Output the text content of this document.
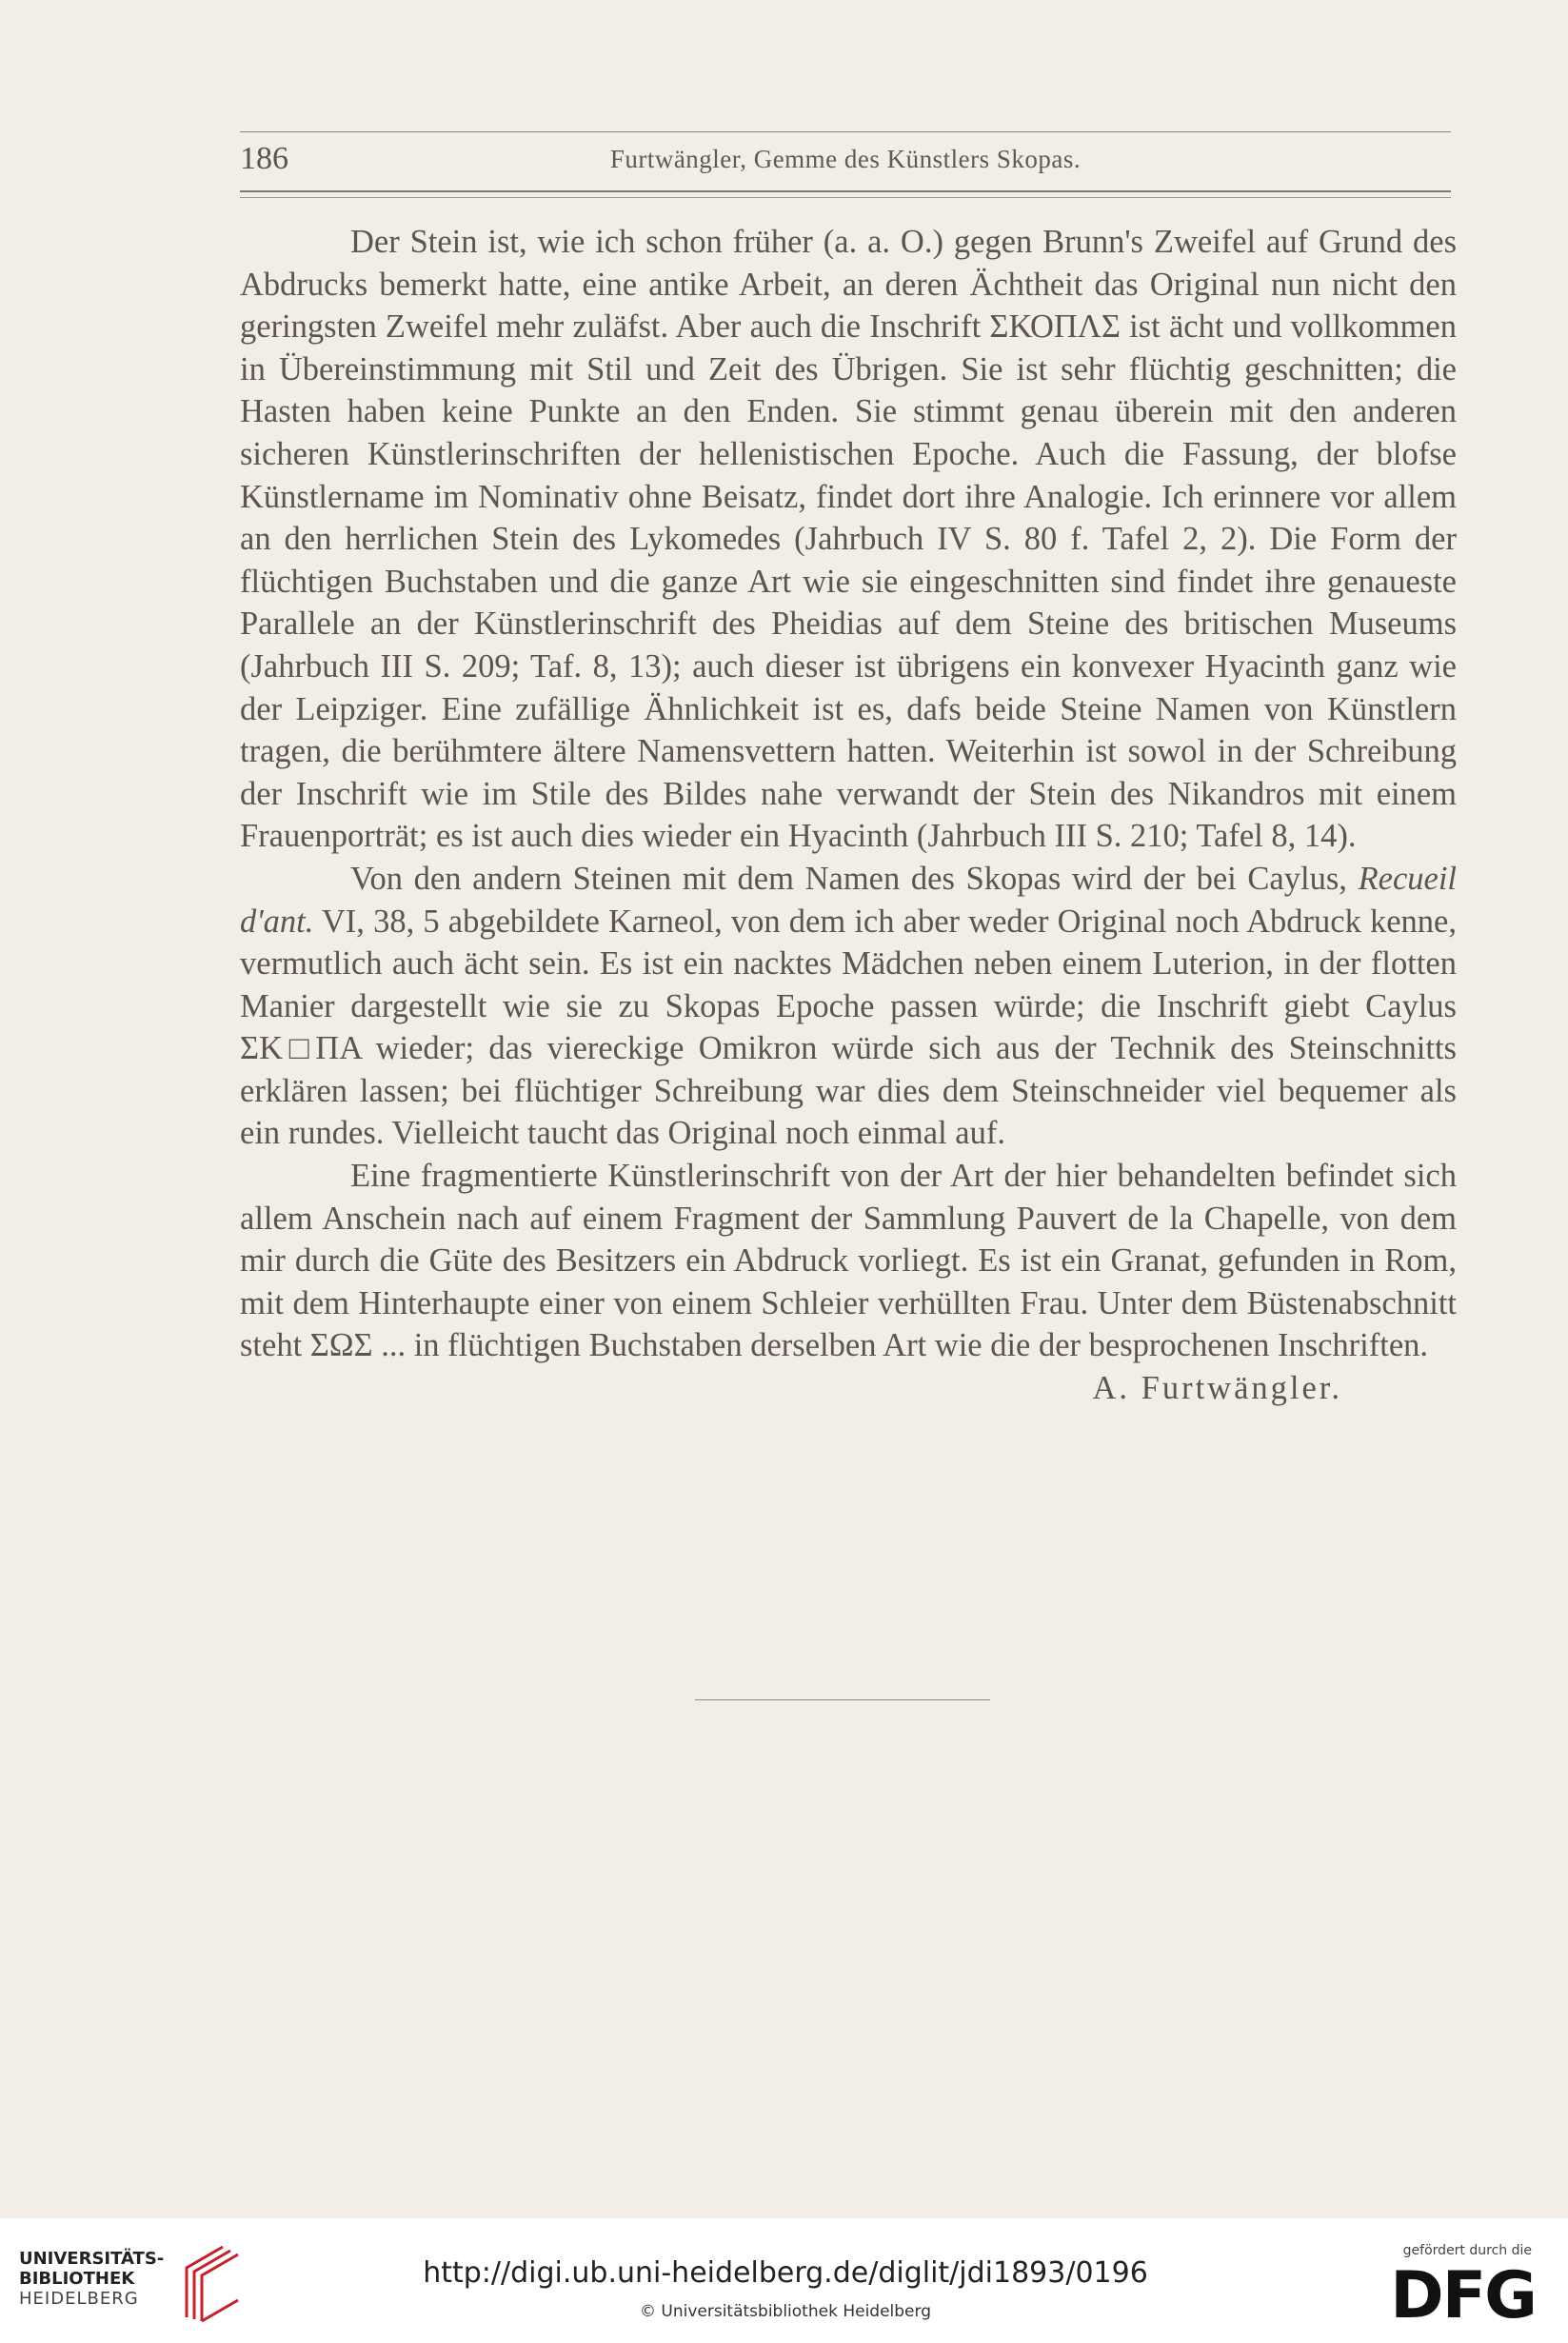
186	Furtwängler, Gemme des Künstlers Skopas.

Der Stein ist, wie ich schon früher (a. a. O.) gegen Brunn's Zweifel auf Grund des Abdrucks bemerkt hatte, eine antike Arbeit, an deren Ächtheit das Original nun nicht den geringsten Zweifel mehr zuläfst. Aber auch die Inschrift ΣΚΟΠΛΣ ist ächt und vollkommen in Übereinstimmung mit Stil und Zeit des Übrigen. Sie ist sehr flüchtig geschnitten; die Hasten haben keine Punkte an den Enden. Sie stimmt genau überein mit den anderen sicheren Künstlerinschriften der hellenistischen Epoche. Auch die Fassung, der blofse Künstlername im Nominativ ohne Beisatz, findet dort ihre Analogie. Ich erinnere vor allem an den herrlichen Stein des Lykomedes (Jahrbuch IV S. 80 f. Tafel 2, 2). Die Form der flüchtigen Buchstaben und die ganze Art wie sie eingeschnitten sind findet ihre genaueste Parallele an der Künstlerinschrift des Pheidias auf dem Steine des britischen Museums (Jahrbuch III S. 209; Taf. 8, 13); auch dieser ist übrigens ein konvexer Hyacinth ganz wie der Leipziger. Eine zufällige Ähnlichkeit ist es, dafs beide Steine Namen von Künstlern tragen, die berühmtere ältere Namensvettern hatten. Weiterhin ist sowol in der Schreibung der Inschrift wie im Stile des Bildes nahe verwandt der Stein des Nikandros mit einem Frauenporträt; es ist auch dies wieder ein Hyacinth (Jahrbuch III S. 210; Tafel 8, 14).

Von den andern Steinen mit dem Namen des Skopas wird der bei Caylus, Recueil d'ant. VI, 38, 5 abgebildete Karneol, von dem ich aber weder Original noch Abdruck kenne, vermutlich auch ächt sein. Es ist ein nacktes Mädchen neben einem Luterion, in der flotten Manier dargestellt wie sie zu Skopas Epoche passen würde; die Inschrift giebt Caylus ΣΚ□ΠΑ wieder; das viereckige Omikron würde sich aus der Technik des Steinschnitts erklären lassen; bei flüchtiger Schreibung war dies dem Steinschneider viel bequemer als ein rundes. Vielleicht taucht das Original noch einmal auf.

Eine fragmentierte Künstlerinschrift von der Art der hier behandelten befindet sich allem Anschein nach auf einem Fragment der Sammlung Pauvert de la Chapelle, von dem mir durch die Güte des Besitzers ein Abdruck vorliegt. Es ist ein Granat, gefunden in Rom, mit dem Hinterhaupte einer von einem Schleier verhüllten Frau. Unter dem Büstenabschnitt steht ΣΩΣ ... in flüchtigen Buchstaben derselben Art wie die der besprochenen Inschriften.

A. Furtwängler.

UNIVERSITÄTS-
BIBLIOTHEK
HEIDELBERG
http://digi.ub.uni-heidelberg.de/diglit/jdi1893/0196
© Universitätsbibliothek Heidelberg
gefördert durch die
DFG
